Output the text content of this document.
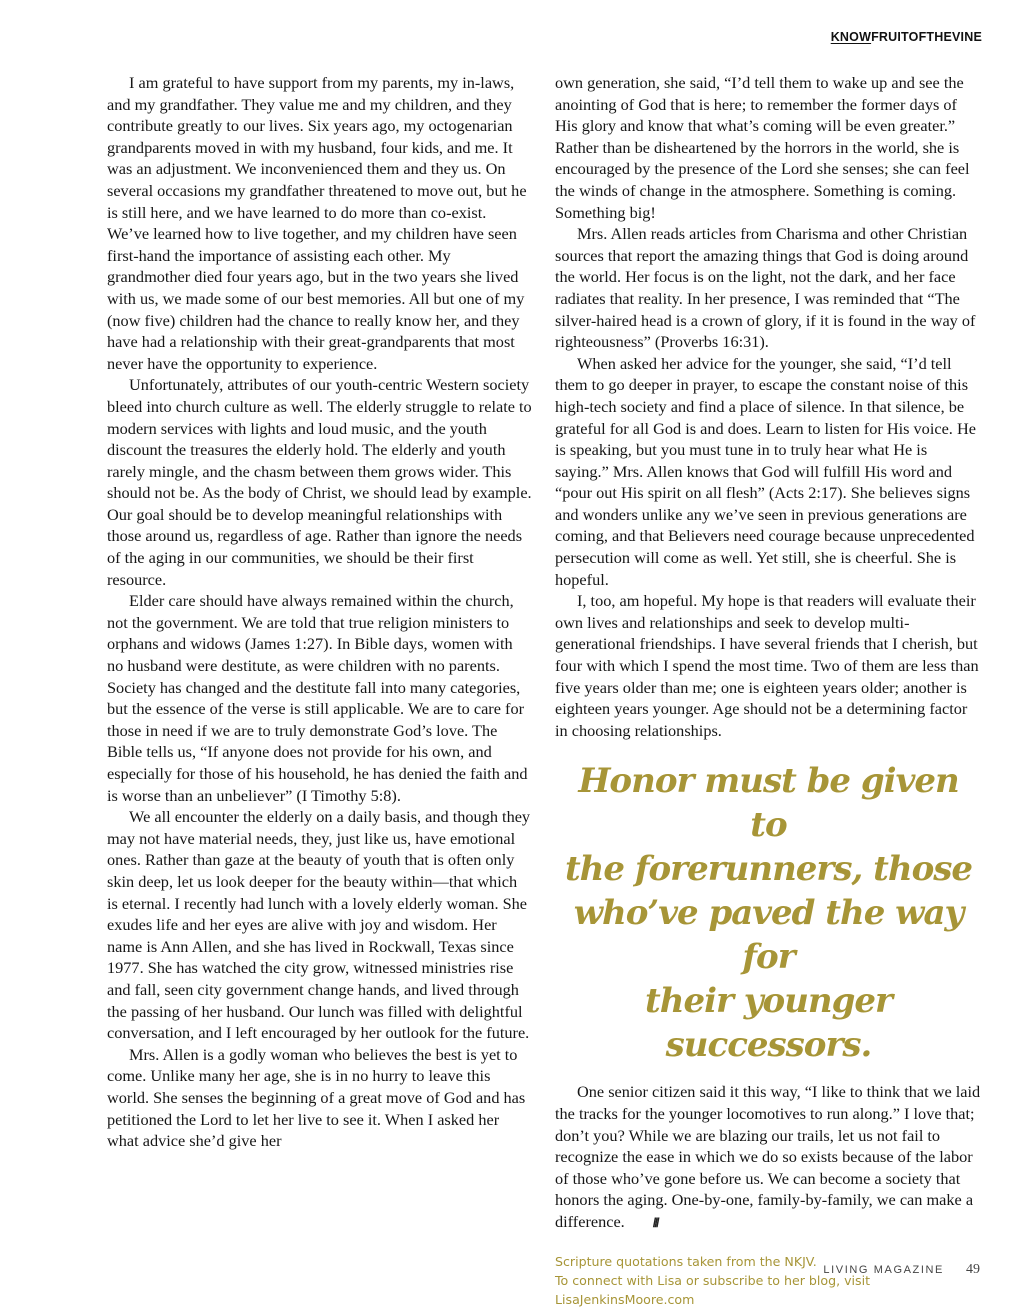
KNOWFRUITOFTHEVINE

I am grateful to have support from my parents, my in-laws, and my grandfather. They value me and my children, and they contribute greatly to our lives. Six years ago, my octogenarian grandparents moved in with my husband, four kids, and me. It was an adjustment. We inconvenienced them and they us. On several occasions my grandfather threatened to move out, but he is still here, and we have learned to do more than co-exist. We’ve learned how to live together, and my children have seen first-hand the importance of assisting each other. My grandmother died four years ago, but in the two years she lived with us, we made some of our best memories. All but one of my (now five) children had the chance to really know her, and they have had a relationship with their great-grandparents that most never have the opportunity to experience.

Unfortunately, attributes of our youth-centric Western society bleed into church culture as well. The elderly struggle to relate to modern services with lights and loud music, and the youth discount the treasures the elderly hold. The elderly and youth rarely mingle, and the chasm between them grows wider. This should not be. As the body of Christ, we should lead by example. Our goal should be to develop meaningful relationships with those around us, regardless of age. Rather than ignore the needs of the aging in our communities, we should be their first resource.

Elder care should have always remained within the church, not the government. We are told that true religion ministers to orphans and widows (James 1:27). In Bible days, women with no husband were destitute, as were children with no parents. Society has changed and the destitute fall into many categories, but the essence of the verse is still applicable. We are to care for those in need if we are to truly demonstrate God’s love. The Bible tells us, “If anyone does not provide for his own, and especially for those of his household, he has denied the faith and is worse than an unbeliever” (I Timothy 5:8).

We all encounter the elderly on a daily basis, and though they may not have material needs, they, just like us, have emotional ones. Rather than gaze at the beauty of youth that is often only skin deep, let us look deeper for the beauty within—that which is eternal. I recently had lunch with a lovely elderly woman. She exudes life and her eyes are alive with joy and wisdom. Her name is Ann Allen, and she has lived in Rockwall, Texas since 1977. She has watched the city grow, witnessed ministries rise and fall, seen city government change hands, and lived through the passing of her husband. Our lunch was filled with delightful conversation, and I left encouraged by her outlook for the future.

Mrs. Allen is a godly woman who believes the best is yet to come. Unlike many her age, she is in no hurry to leave this world. She senses the beginning of a great move of God and has petitioned the Lord to let her live to see it. When I asked her what advice she’d give her

own generation, she said, “I’d tell them to wake up and see the anointing of God that is here; to remember the former days of His glory and know that what’s coming will be even greater.” Rather than be disheartened by the horrors in the world, she is encouraged by the presence of the Lord she senses; she can feel the winds of change in the atmosphere. Something is coming. Something big!

Mrs. Allen reads articles from Charisma and other Christian sources that report the amazing things that God is doing around the world. Her focus is on the light, not the dark, and her face radiates that reality. In her presence, I was reminded that “The silver-haired head is a crown of glory, if it is found in the way of righteousness” (Proverbs 16:31).

When asked her advice for the younger, she said, “I’d tell them to go deeper in prayer, to escape the constant noise of this high-tech society and find a place of silence. In that silence, be grateful for all God is and does. Learn to listen for His voice. He is speaking, but you must tune in to truly hear what He is saying.” Mrs. Allen knows that God will fulfill His word and “pour out His spirit on all flesh” (Acts 2:17). She believes signs and wonders unlike any we’ve seen in previous generations are coming, and that Believers need courage because unprecedented persecution will come as well. Yet still, she is cheerful. She is hopeful.

I, too, am hopeful. My hope is that readers will evaluate their own lives and relationships and seek to develop multi-generational friendships. I have several friends that I cherish, but four with which I spend the most time. Two of them are less than five years older than me; one is eighteen years older; another is eighteen years younger. Age should not be a determining factor in choosing relationships.

Honor must be given to
the forerunners, those
who’ve paved the way for
their younger successors.

One senior citizen said it this way, “I like to think that we laid the tracks for the younger locomotives to run along.” I love that; don’t you? While we are blazing our trails, let us not fail to recognize the ease in which we do so exists because of the labor of those who’ve gone before us. We can become a society that honors the aging. One-by-one, family-by-family, we can make a difference. ///

Scripture quotations taken from the NKJV.
To connect with Lisa or subscribe to her blog, visit
LisaJenkinsMoore.com
LIVING MAGAZINE 49
